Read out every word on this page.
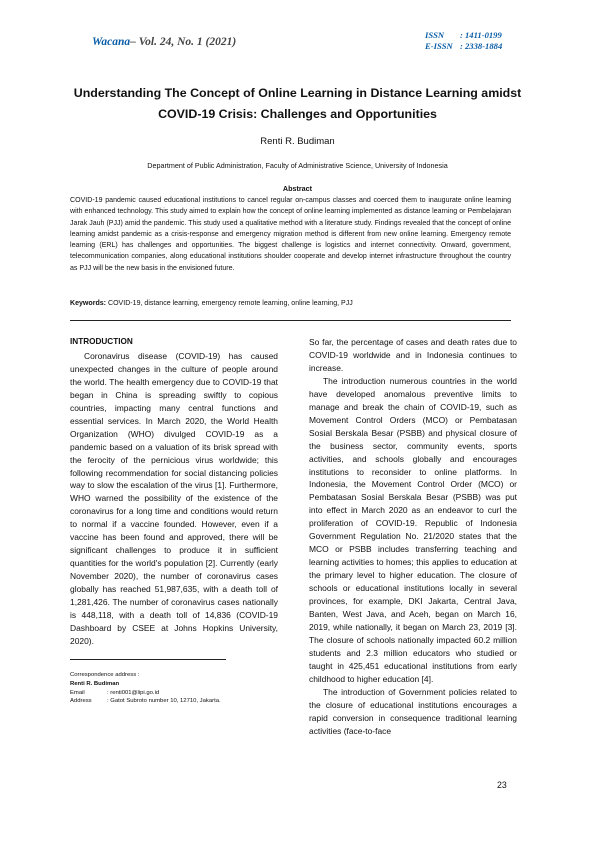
Wacana– Vol. 24, No. 1 (2021)
ISSN	: 1411-0199
E-ISSN : 2338-1884
Understanding The Concept of Online Learning in Distance Learning amidst
COVID-19 Crisis: Challenges and Opportunities
Renti R. Budiman
Department of Public Administration, Faculty of Administrative Science, University of Indonesia
Abstract
COVID-19 pandemic caused educational institutions to cancel regular on-campus classes and coerced them to inaugurate online learning with enhanced technology. This study aimed to explain how the concept of online learning implemented as distance learning or Pembelajaran Jarak Jauh (PJJ) amid the pandemic. This study used a qualitative method with a literature study. Findings revealed that the concept of online learning amidst pandemic as a crisis-response and emergency migration method is different from new online learning. Emergency remote learning (ERL) has challenges and opportunities. The biggest challenge is logistics and internet connectivity. Onward, government, telecommunication companies, along educational institutions shoulder cooperate and develop internet infrastructure throughout the country as PJJ will be the new basis in the envisioned future.
Keywords: COVID-19, distance learning, emergency remote learning, online learning, PJJ
INTRODUCTION

Coronavirus disease (COVID-19) has caused unexpected changes in the culture of people around the world. The health emergency due to COVID-19 that began in China is spreading swiftly to copious countries, impacting many central functions and essential services. In March 2020, the World Health Organization (WHO) divulged COVID-19 as a pandemic based on a valuation of its brisk spread with the ferocity of the pernicious virus worldwide; this following recommendation for social distancing policies way to slow the escalation of the virus [1]. Furthermore, WHO warned the possibility of the existence of the coronavirus for a long time and conditions would return to normal if a vaccine founded. However, even if a vaccine has been found and approved, there will be significant challenges to produce it in sufficient quantities for the world's population [2]. Currently (early November 2020), the number of coronavirus cases globally has reached 51,987,635, with a death toll of 1,281,426. The number of coronavirus cases nationally is 448,118, with a death toll of 14,836 (COVID-19 Dashboard by CSEE at Johns Hopkins University, 2020).

So far, the percentage of cases and death rates due to COVID-19 worldwide and in Indonesia continues to increase.

The introduction numerous countries in the world have developed anomalous preventive limits to manage and break the chain of COVID-19, such as Movement Control Orders (MCO) or Pembatasan Sosial Berskala Besar (PSBB) and physical closure of the business sector, community events, sports activities, and schools globally and encourages institutions to reconsider to online platforms. In Indonesia, the Movement Control Order (MCO) or Pembatasan Sosial Berskala Besar (PSBB) was put into effect in March 2020 as an endeavor to curl the proliferation of COVID-19. Republic of Indonesia Government Regulation No. 21/2020 states that the MCO or PSBB includes transferring teaching and learning activities to homes; this applies to education at the primary level to higher education. The closure of schools or educational institutions locally in several provinces, for example, DKI Jakarta, Central Java, Banten, West Java, and Aceh, began on March 16, 2019, while nationally, it began on March 23, 2019 [3]. The closure of schools nationally impacted 60.2 million students and 2.3 million educators who studied or taught in 425,451 educational institutions from early childhood to higher education [4].

The introduction of Government policies related to the closure of educational institutions encourages a rapid conversion in consequence traditional learning activities (face-to-face

Correspondence address :
Renti R. Budiman
Email	: renti001@lipi.go.id
Address	: Gatot Subroto number 10, 12710, Jakarta.
23
